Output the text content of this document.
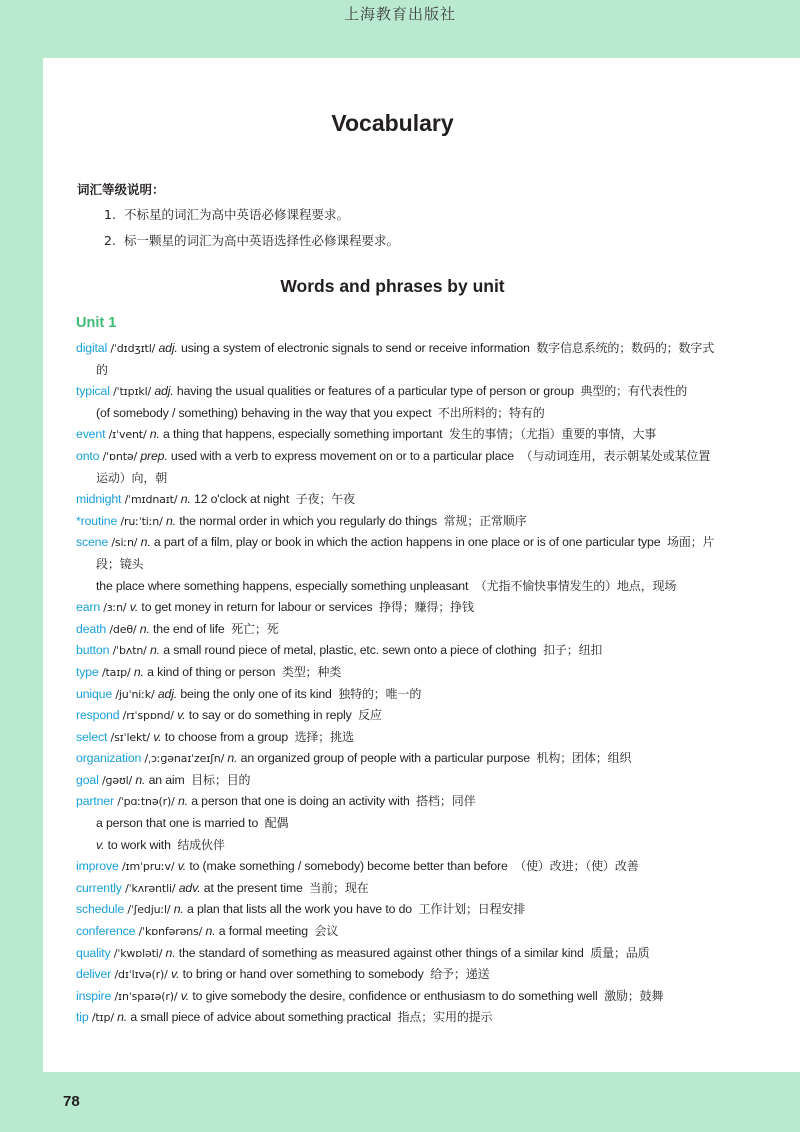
上海教育出版社
Vocabulary
词汇等级说明：
1. 不标星的词汇为高中英语必修课程要求。
2. 标一颗星的词汇为高中英语选择性必修课程要求。
Words and phrases by unit
Unit 1
digital /ˈdɪdʒɪtl/ adj. using a system of electronic signals to send or receive information 数字信息系统的；数码的；数字式的
typical /ˈtɪpɪkl/ adj. having the usual qualities or features of a particular type of person or group 典型的；有代表性的
(of somebody / something) behaving in the way that you expect 不出所料的；特有的
event /ɪˈvent/ n. a thing that happens, especially something important 发生的事情；（尤指）重要的事情，大事
onto /ˈɒntə/ prep. used with a verb to express movement on or to a particular place （与动词连用，表示朝某处或某位置运动）向，朝
midnight /ˈmɪdnaɪt/ n. 12 o'clock at night 子夜；午夜
*routine /ruːˈtiːn/ n. the normal order in which you regularly do things 常规；正常顺序
scene /siːn/ n. a part of a film, play or book in which the action happens in one place or is of one particular type 场面；片段；镜头
the place where something happens, especially something unpleasant （尤指不愉快事情发生的）地点，现场
earn /ɜːn/ v. to get money in return for labour or services 挣得；赚得；挣钱
death /deθ/ n. the end of life 死亡；死
button /ˈbʌtn/ n. a small round piece of metal, plastic, etc. sewn onto a piece of clothing 扣子；纽扣
type /taɪp/ n. a kind of thing or person 类型；种类
unique /juˈniːk/ adj. being the only one of its kind 独特的；唯一的
respond /rɪˈspɒnd/ v. to say or do something in reply 反应
select /sɪˈlekt/ v. to choose from a group 选择；挑选
organization /ˌɔːɡənaɪˈzeɪʃn/ n. an organized group of people with a particular purpose 机构；团体；组织
goal /ɡəʊl/ n. an aim 目标；目的
partner /ˈpɑːtnə(r)/ n. a person that one is doing an activity with 搭档；同伴
a person that one is married to 配偶
v. to work with 结成伙伴
improve /ɪmˈpruːv/ v. to (make something / somebody) become better than before （使）改进；（使）改善
currently /ˈkʌrəntli/ adv. at the present time 当前；现在
schedule /ˈʃedjuːl/ n. a plan that lists all the work you have to do 工作计划；日程安排
conference /ˈkɒnfərəns/ n. a formal meeting 会议
quality /ˈkwɒləti/ n. the standard of something as measured against other things of a similar kind 质量；品质
deliver /dɪˈlɪvə(r)/ v. to bring or hand over something to somebody 给予；递送
inspire /ɪnˈspaɪə(r)/ v. to give somebody the desire, confidence or enthusiasm to do something well 激励；鼓舞
tip /tɪp/ n. a small piece of advice about something practical 指点；实用的提示
78
